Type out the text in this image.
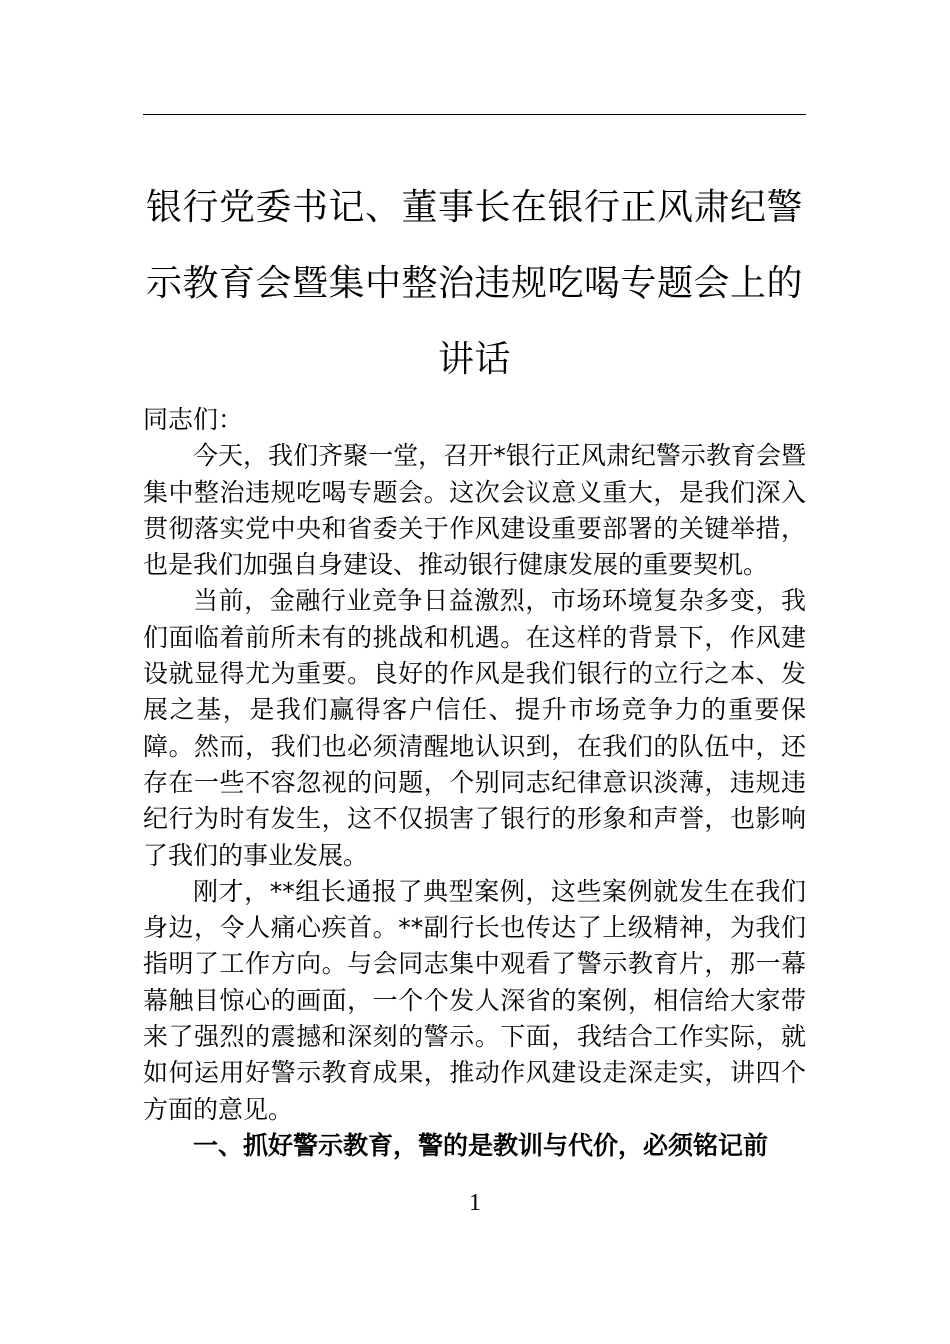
银行党委书记、董事长在银行正风肃纪警
示教育会暨集中整治违规吃喝专题会上的
讲话

同志们：

今天，我们齐聚一堂，召开*银行正风肃纪警示教育会暨集中整治违规吃喝专题会。这次会议意义重大，是我们深入贯彻落实党中央和省委关于作风建设重要部署的关键举措，也是我们加强自身建设、推动银行健康发展的重要契机。

当前，金融行业竞争日益激烈，市场环境复杂多变，我们面临着前所未有的挑战和机遇。在这样的背景下，作风建设就显得尤为重要。良好的作风是我们银行的立行之本、发展之基，是我们赢得客户信任、提升市场竞争力的重要保障。然而，我们也必须清醒地认识到，在我们的队伍中，还存在一些不容忽视的问题，个别同志纪律意识淡薄，违规违纪行为时有发生，这不仅损害了银行的形象和声誉，也影响了我们的事业发展。

刚才，**组长通报了典型案例，这些案例就发生在我们身边，令人痛心疾首。**副行长也传达了上级精神，为我们指明了工作方向。与会同志集中观看了警示教育片，那一幕幕触目惊心的画面，一个个发人深省的案例，相信给大家带来了强烈的震撼和深刻的警示。下面，我结合工作实际，就如何运用好警示教育成果，推动作风建设走深走实，讲四个方面的意见。

一、抓好警示教育，警的是教训与代价，必须铭记前

1
